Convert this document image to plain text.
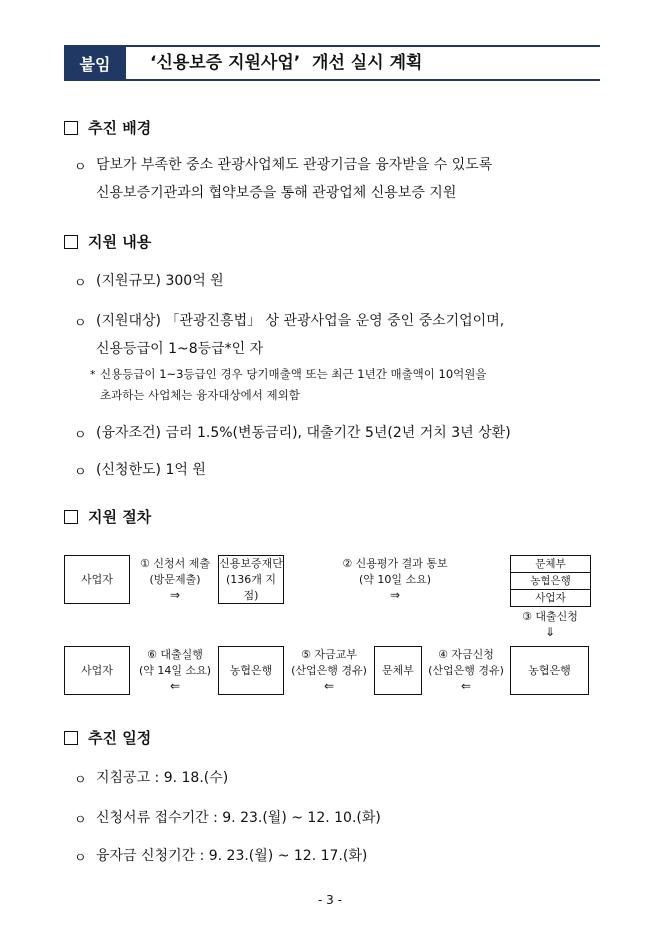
붙임	‘신용보증 지원사업’  개선 실시 계획
추진 배경
ㅇ 담보가 부족한 중소 관광사업체도 관광기금을 융자받을 수 있도록
신용보증기관과의 협약보증을 통해 관광업체 신용보증 지원
지원 내용
ㅇ (지원규모) 300억 원
ㅇ (지원대상) 「관광진흥법」 상 관광사업을 운영 중인 중소기업이며,
신용등급이 1~8등급*인 자
* 신용등급이 1~3등급인 경우 당기매출액 또는 최근 1년간 매출액이 10억원을
초과하는 사업체는 융자대상에서 제외함
ㅇ (융자조건) 금리 1.5%(변동금리), 대출기간 5년(2년 거치 3년 상환)
ㅇ (신청한도) 1억 원
지원 절차
사업자
① 신청서 제출
(방문제출)
⇒
신용보증재단
(136개 지점)
② 신용평가 결과 통보
(약 10일 소요)
⇒
문체부
농협은행
사업자
③ 대출신청
⇓
사업자
⑥ 대출실행
(약 14일 소요)
⇐
농협은행
⑤ 자금교부
(산업은행 경유)
⇐
문체부
④ 자금신청
(산업은행 경유)
⇐
농협은행
추진 일정
ㅇ 지침공고 : 9. 18.(수)
ㅇ 신청서류 접수기간 : 9. 23.(월) ~ 12. 10.(화)
ㅇ 융자금 신청기간 : 9. 23.(월) ~ 12. 17.(화)
- 3 -
